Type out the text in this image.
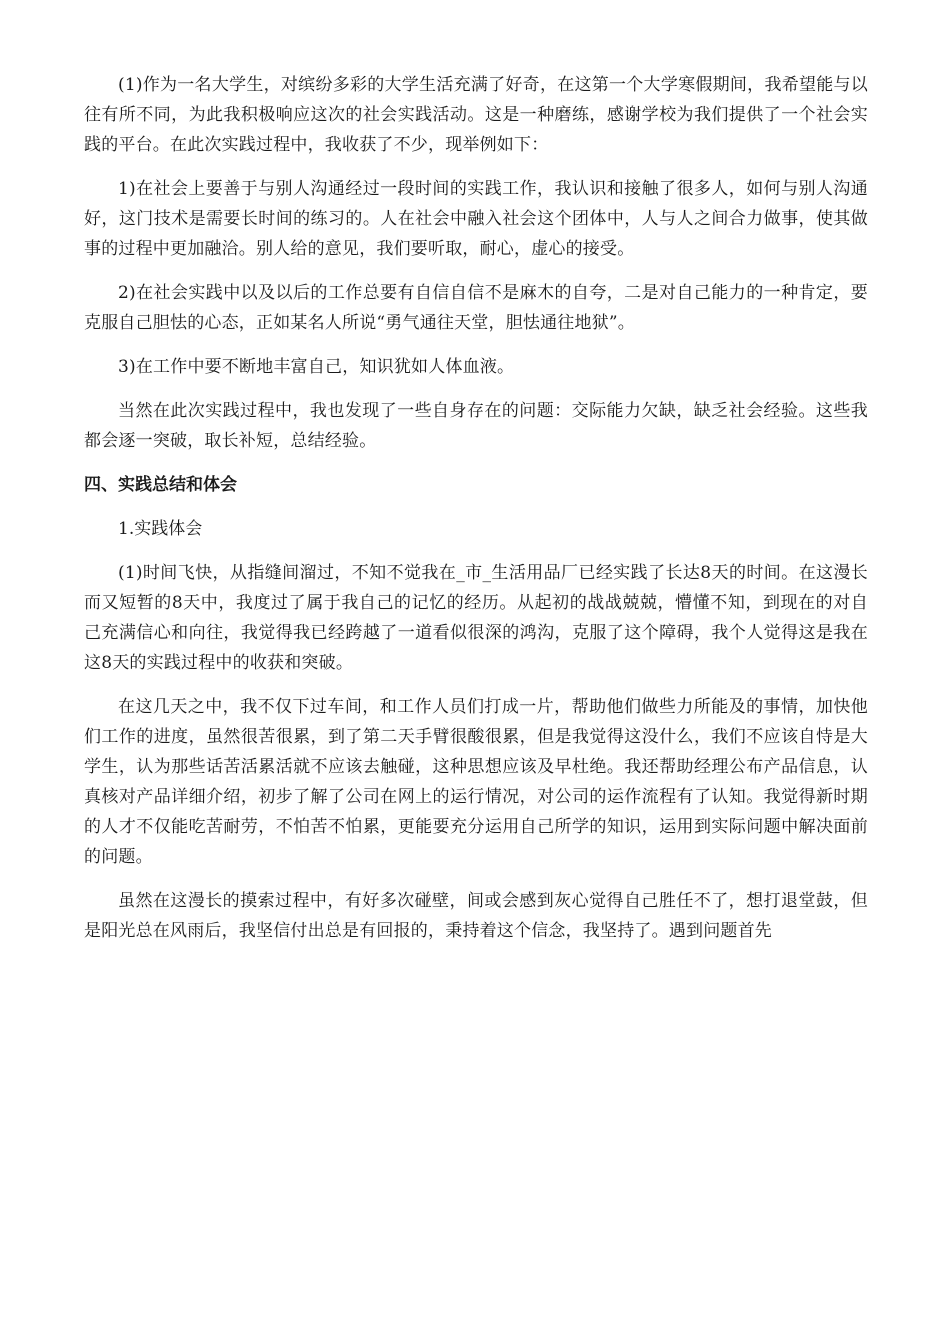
(1)作为一名大学生，对缤纷多彩的大学生活充满了好奇，在这第一个大学寒假期间，我希望能与以往有所不同，为此我积极响应这次的社会实践活动。这是一种磨练，感谢学校为我们提供了一个社会实践的平台。在此次实践过程中，我收获了不少，现举例如下：

1)在社会上要善于与别人沟通经过一段时间的实践工作，我认识和接触了很多人，如何与别人沟通好，这门技术是需要长时间的练习的。人在社会中融入社会这个团体中，人与人之间合力做事，使其做事的过程中更加融洽。别人给的意见，我们要听取，耐心，虚心的接受。

2)在社会实践中以及以后的工作总要有自信自信不是麻木的自夸，二是对自己能力的一种肯定，要克服自己胆怯的心态，正如某名人所说“勇气通往天堂，胆怯通往地狱”。

3)在工作中要不断地丰富自己，知识犹如人体血液。

当然在此次实践过程中，我也发现了一些自身存在的问题：交际能力欠缺，缺乏社会经验。这些我都会逐一突破，取长补短，总结经验。

四、实践总结和体会
1.实践体会

(1)时间飞快，从指缝间溜过，不知不觉我在_市_生活用品厂已经实践了长达8天的时间。在这漫长而又短暂的8天中，我度过了属于我自己的记忆的经历。从起初的战战兢兢，懵懂不知，到现在的对自己充满信心和向往，我觉得我已经跨越了一道看似很深的鸿沟，克服了这个障碍，我个人觉得这是我在这8天的实践过程中的收获和突破。

在这几天之中，我不仅下过车间，和工作人员们打成一片，帮助他们做些力所能及的事情，加快他们工作的进度，虽然很苦很累，到了第二天手臂很酸很累，但是我觉得这没什么，我们不应该自恃是大学生，认为那些话苦活累活就不应该去触碰，这种思想应该及早杜绝。我还帮助经理公布产品信息，认真核对产品详细介绍，初步了解了公司在网上的运行情况，对公司的运作流程有了认知。我觉得新时期的人才不仅能吃苦耐劳，不怕苦不怕累，更能要充分运用自己所学的知识，运用到实际问题中解决面前的问题。

虽然在这漫长的摸索过程中，有好多次碰壁，间或会感到灰心觉得自己胜任不了，想打退堂鼓，但是阳光总在风雨后，我坚信付出总是有回报的，秉持着这个信念，我坚持了。遇到问题首先
